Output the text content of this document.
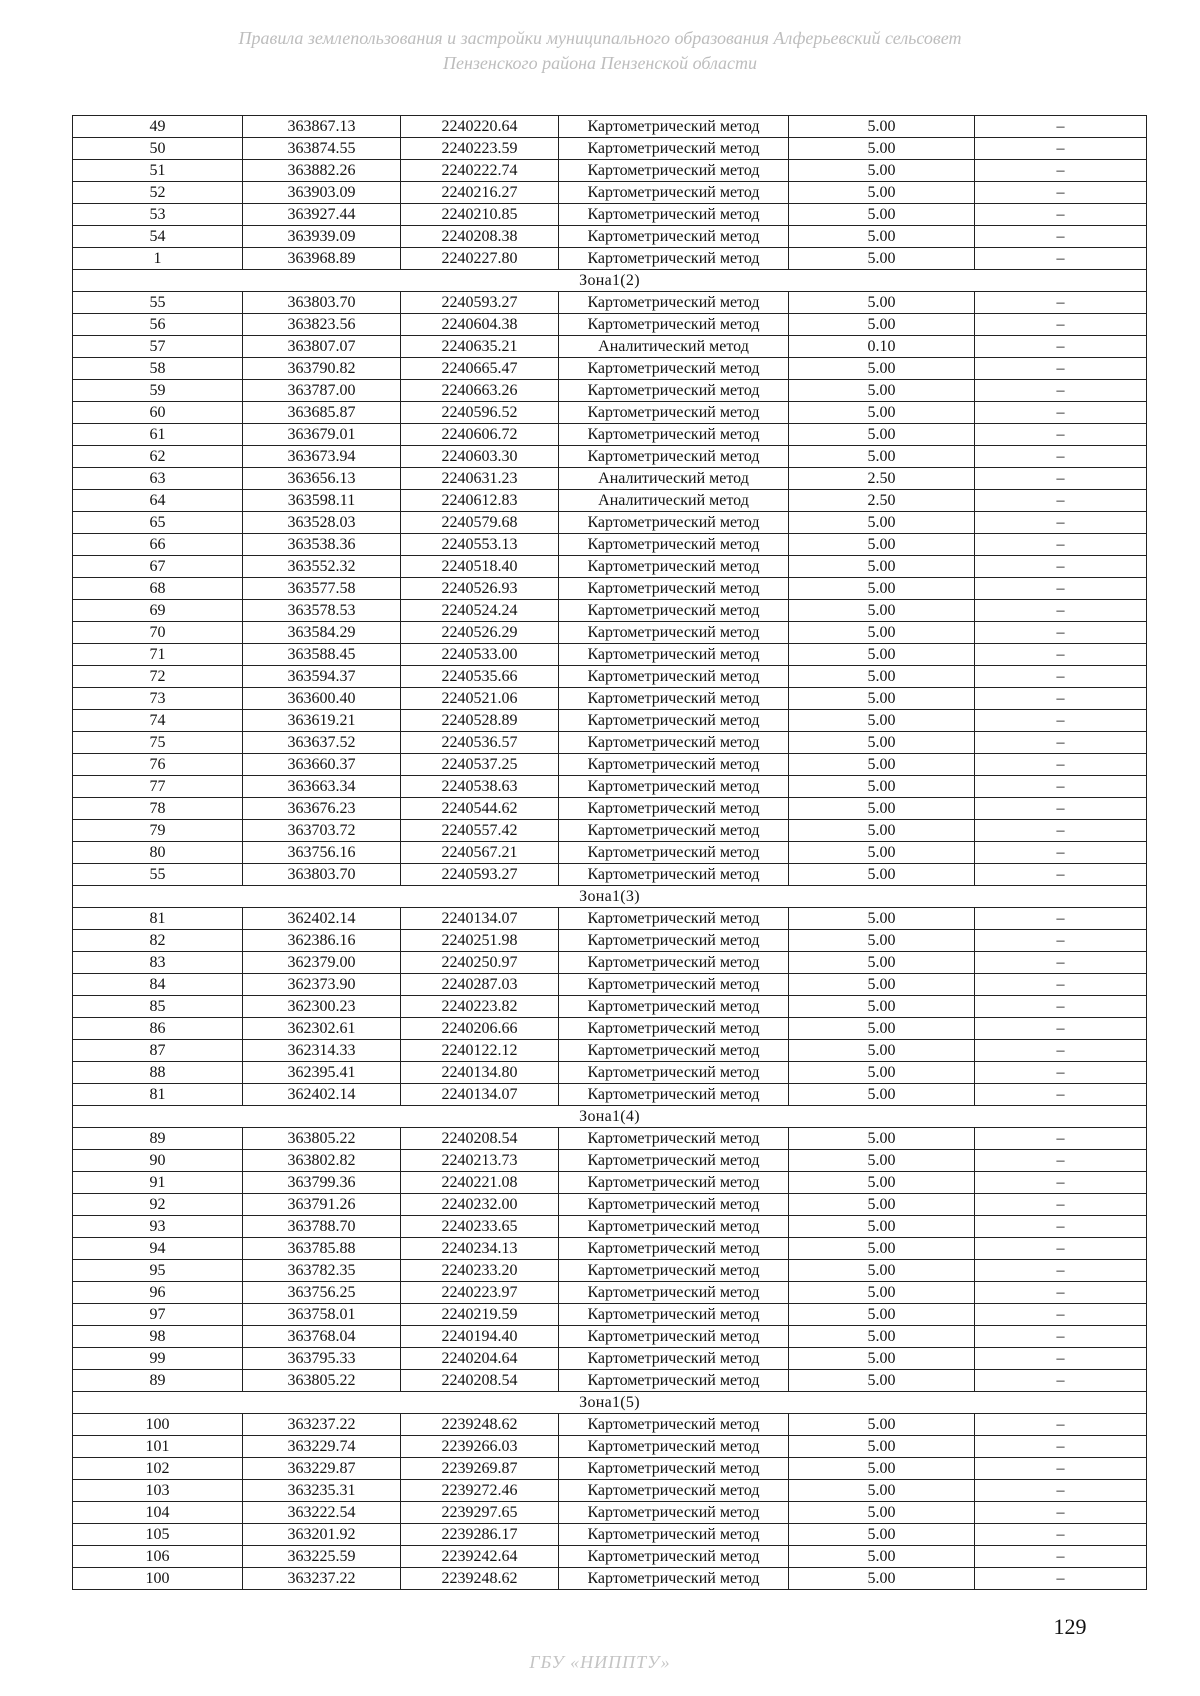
Правила землепользования и застройки муниципального образования Алферьевский сельсовет
Пензенского района Пензенской области
49	363867.13	2240220.64	Картометрический метод	5.00	–
50	363874.55	2240223.59	Картометрический метод	5.00	–
51	363882.26	2240222.74	Картометрический метод	5.00	–
52	363903.09	2240216.27	Картометрический метод	5.00	–
53	363927.44	2240210.85	Картометрический метод	5.00	–
54	363939.09	2240208.38	Картометрический метод	5.00	–
1	363968.89	2240227.80	Картометрический метод	5.00	–
Зона1(2)					
55	363803.70	2240593.27	Картометрический метод	5.00	–
56	363823.56	2240604.38	Картометрический метод	5.00	–
57	363807.07	2240635.21	Аналитический метод	0.10	–
58	363790.82	2240665.47	Картометрический метод	5.00	–
59	363787.00	2240663.26	Картометрический метод	5.00	–
60	363685.87	2240596.52	Картометрический метод	5.00	–
61	363679.01	2240606.72	Картометрический метод	5.00	–
62	363673.94	2240603.30	Картометрический метод	5.00	–
63	363656.13	2240631.23	Аналитический метод	2.50	–
64	363598.11	2240612.83	Аналитический метод	2.50	–
65	363528.03	2240579.68	Картометрический метод	5.00	–
66	363538.36	2240553.13	Картометрический метод	5.00	–
67	363552.32	2240518.40	Картометрический метод	5.00	–
68	363577.58	2240526.93	Картометрический метод	5.00	–
69	363578.53	2240524.24	Картометрический метод	5.00	–
70	363584.29	2240526.29	Картометрический метод	5.00	–
71	363588.45	2240533.00	Картометрический метод	5.00	–
72	363594.37	2240535.66	Картометрический метод	5.00	–
73	363600.40	2240521.06	Картометрический метод	5.00	–
74	363619.21	2240528.89	Картометрический метод	5.00	–
75	363637.52	2240536.57	Картометрический метод	5.00	–
76	363660.37	2240537.25	Картометрический метод	5.00	–
77	363663.34	2240538.63	Картометрический метод	5.00	–
78	363676.23	2240544.62	Картометрический метод	5.00	–
79	363703.72	2240557.42	Картометрический метод	5.00	–
80	363756.16	2240567.21	Картометрический метод	5.00	–
55	363803.70	2240593.27	Картометрический метод	5.00	–
Зона1(3)					
81	362402.14	2240134.07	Картометрический метод	5.00	–
82	362386.16	2240251.98	Картометрический метод	5.00	–
83	362379.00	2240250.97	Картометрический метод	5.00	–
84	362373.90	2240287.03	Картометрический метод	5.00	–
85	362300.23	2240223.82	Картометрический метод	5.00	–
86	362302.61	2240206.66	Картометрический метод	5.00	–
87	362314.33	2240122.12	Картометрический метод	5.00	–
88	362395.41	2240134.80	Картометрический метод	5.00	–
81	362402.14	2240134.07	Картометрический метод	5.00	–
Зона1(4)					
89	363805.22	2240208.54	Картометрический метод	5.00	–
90	363802.82	2240213.73	Картометрический метод	5.00	–
91	363799.36	2240221.08	Картометрический метод	5.00	–
92	363791.26	2240232.00	Картометрический метод	5.00	–
93	363788.70	2240233.65	Картометрический метод	5.00	–
94	363785.88	2240234.13	Картометрический метод	5.00	–
95	363782.35	2240233.20	Картометрический метод	5.00	–
96	363756.25	2240223.97	Картометрический метод	5.00	–
97	363758.01	2240219.59	Картометрический метод	5.00	–
98	363768.04	2240194.40	Картометрический метод	5.00	–
99	363795.33	2240204.64	Картометрический метод	5.00	–
89	363805.22	2240208.54	Картометрический метод	5.00	–
Зона1(5)					
100	363237.22	2239248.62	Картометрический метод	5.00	–
101	363229.74	2239266.03	Картометрический метод	5.00	–
102	363229.87	2239269.87	Картометрический метод	5.00	–
103	363235.31	2239272.46	Картометрический метод	5.00	–
104	363222.54	2239297.65	Картометрический метод	5.00	–
105	363201.92	2239286.17	Картометрический метод	5.00	–
106	363225.59	2239242.64	Картометрический метод	5.00	–
100	363237.22	2239248.62	Картометрический метод	5.00	–
129
ГБУ «НИППТУ»
